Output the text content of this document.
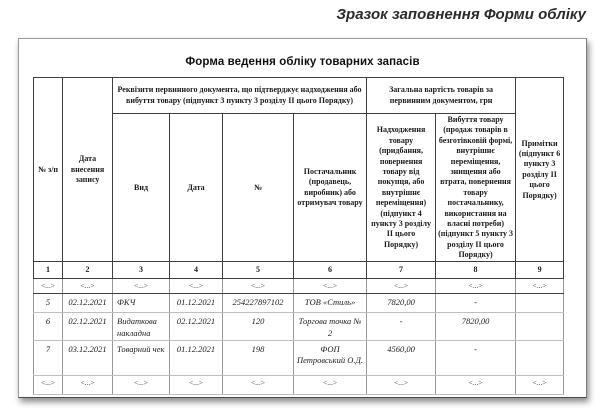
Зразок заповнення Форми обліку
Форма ведення обліку товарних запасів
№ з/п	Дата внесення запису	Реквізити первинного документа, що підтверджує надходження або вибуття товару (підпункт 3 пункту 3 розділу II цього Порядку)				Загальна вартість товарів за первинним документом, грн		Примітки (підпункт 6 пункту 3 розділу II цього Порядку)
		Вид	Дата	№	Постачальник (продавець, виробник) або отримувач товару	Надходження товару (придбання, повернення товару від покупця, або внутрішнє переміщення) (підпункт 4 пункту 3 розділу II цього Порядку)	Вибуття товару (продаж товарів в безготівковій формі, внутрішнє переміщення, знищення або втрата, повернення товару постачальнику, використання на власні потреби) (підпункт 5 пункту 3 розділу II цього Порядку)	
1	2	3	4	5	6	7	8	9
<...>	<...>	<...>	<...>	<...>	<...>	<...>	<...>	<...>
5	02.12.2021	ФКЧ	01.12.2021	254227897102	ТОВ «Стиль»	7820,00	-	
6	02.12.2021	Видаткова накладна	02.12.2021	120	Торгова точка № 2	-	7820,00	
7	03.12.2021	Товарний чек	01.12.2021	198	ФОП Петровський О.Д.	4560,00	-	
<...>	<...>	<...>	<...>	<...>	<...>	<...>	<...>	<...>
